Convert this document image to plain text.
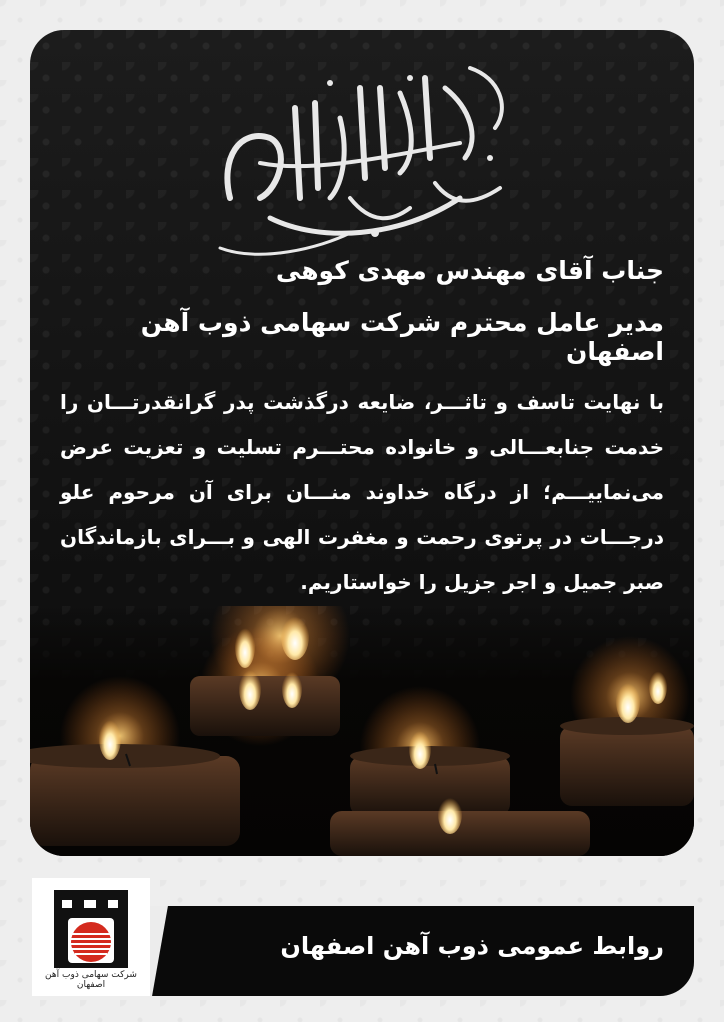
جناب آقای مهندس مهدی کوهی
مدیر عامل محترم شرکت سهامی ذوب آهن اصفهان
با نهایت تاسف و تاثـــر، ضایعه درگذشت پدر گرانقدرتـــان را خدمت جنابعـــالی و خانواده محتـــرم تسلیت و تعزیت عرض می‌نماییـــم؛ از درگاه خداوند منـــان برای آن مرحوم علو درجـــات در پرتوی رحمت و مغفرت الهی و بـــرای بازماندگان صبر جمیل و اجر جزیل را خواستاریم.
روابط عمومی ذوب آهن اصفهان
شرکت سهامی ذوب آهن اصفهان
